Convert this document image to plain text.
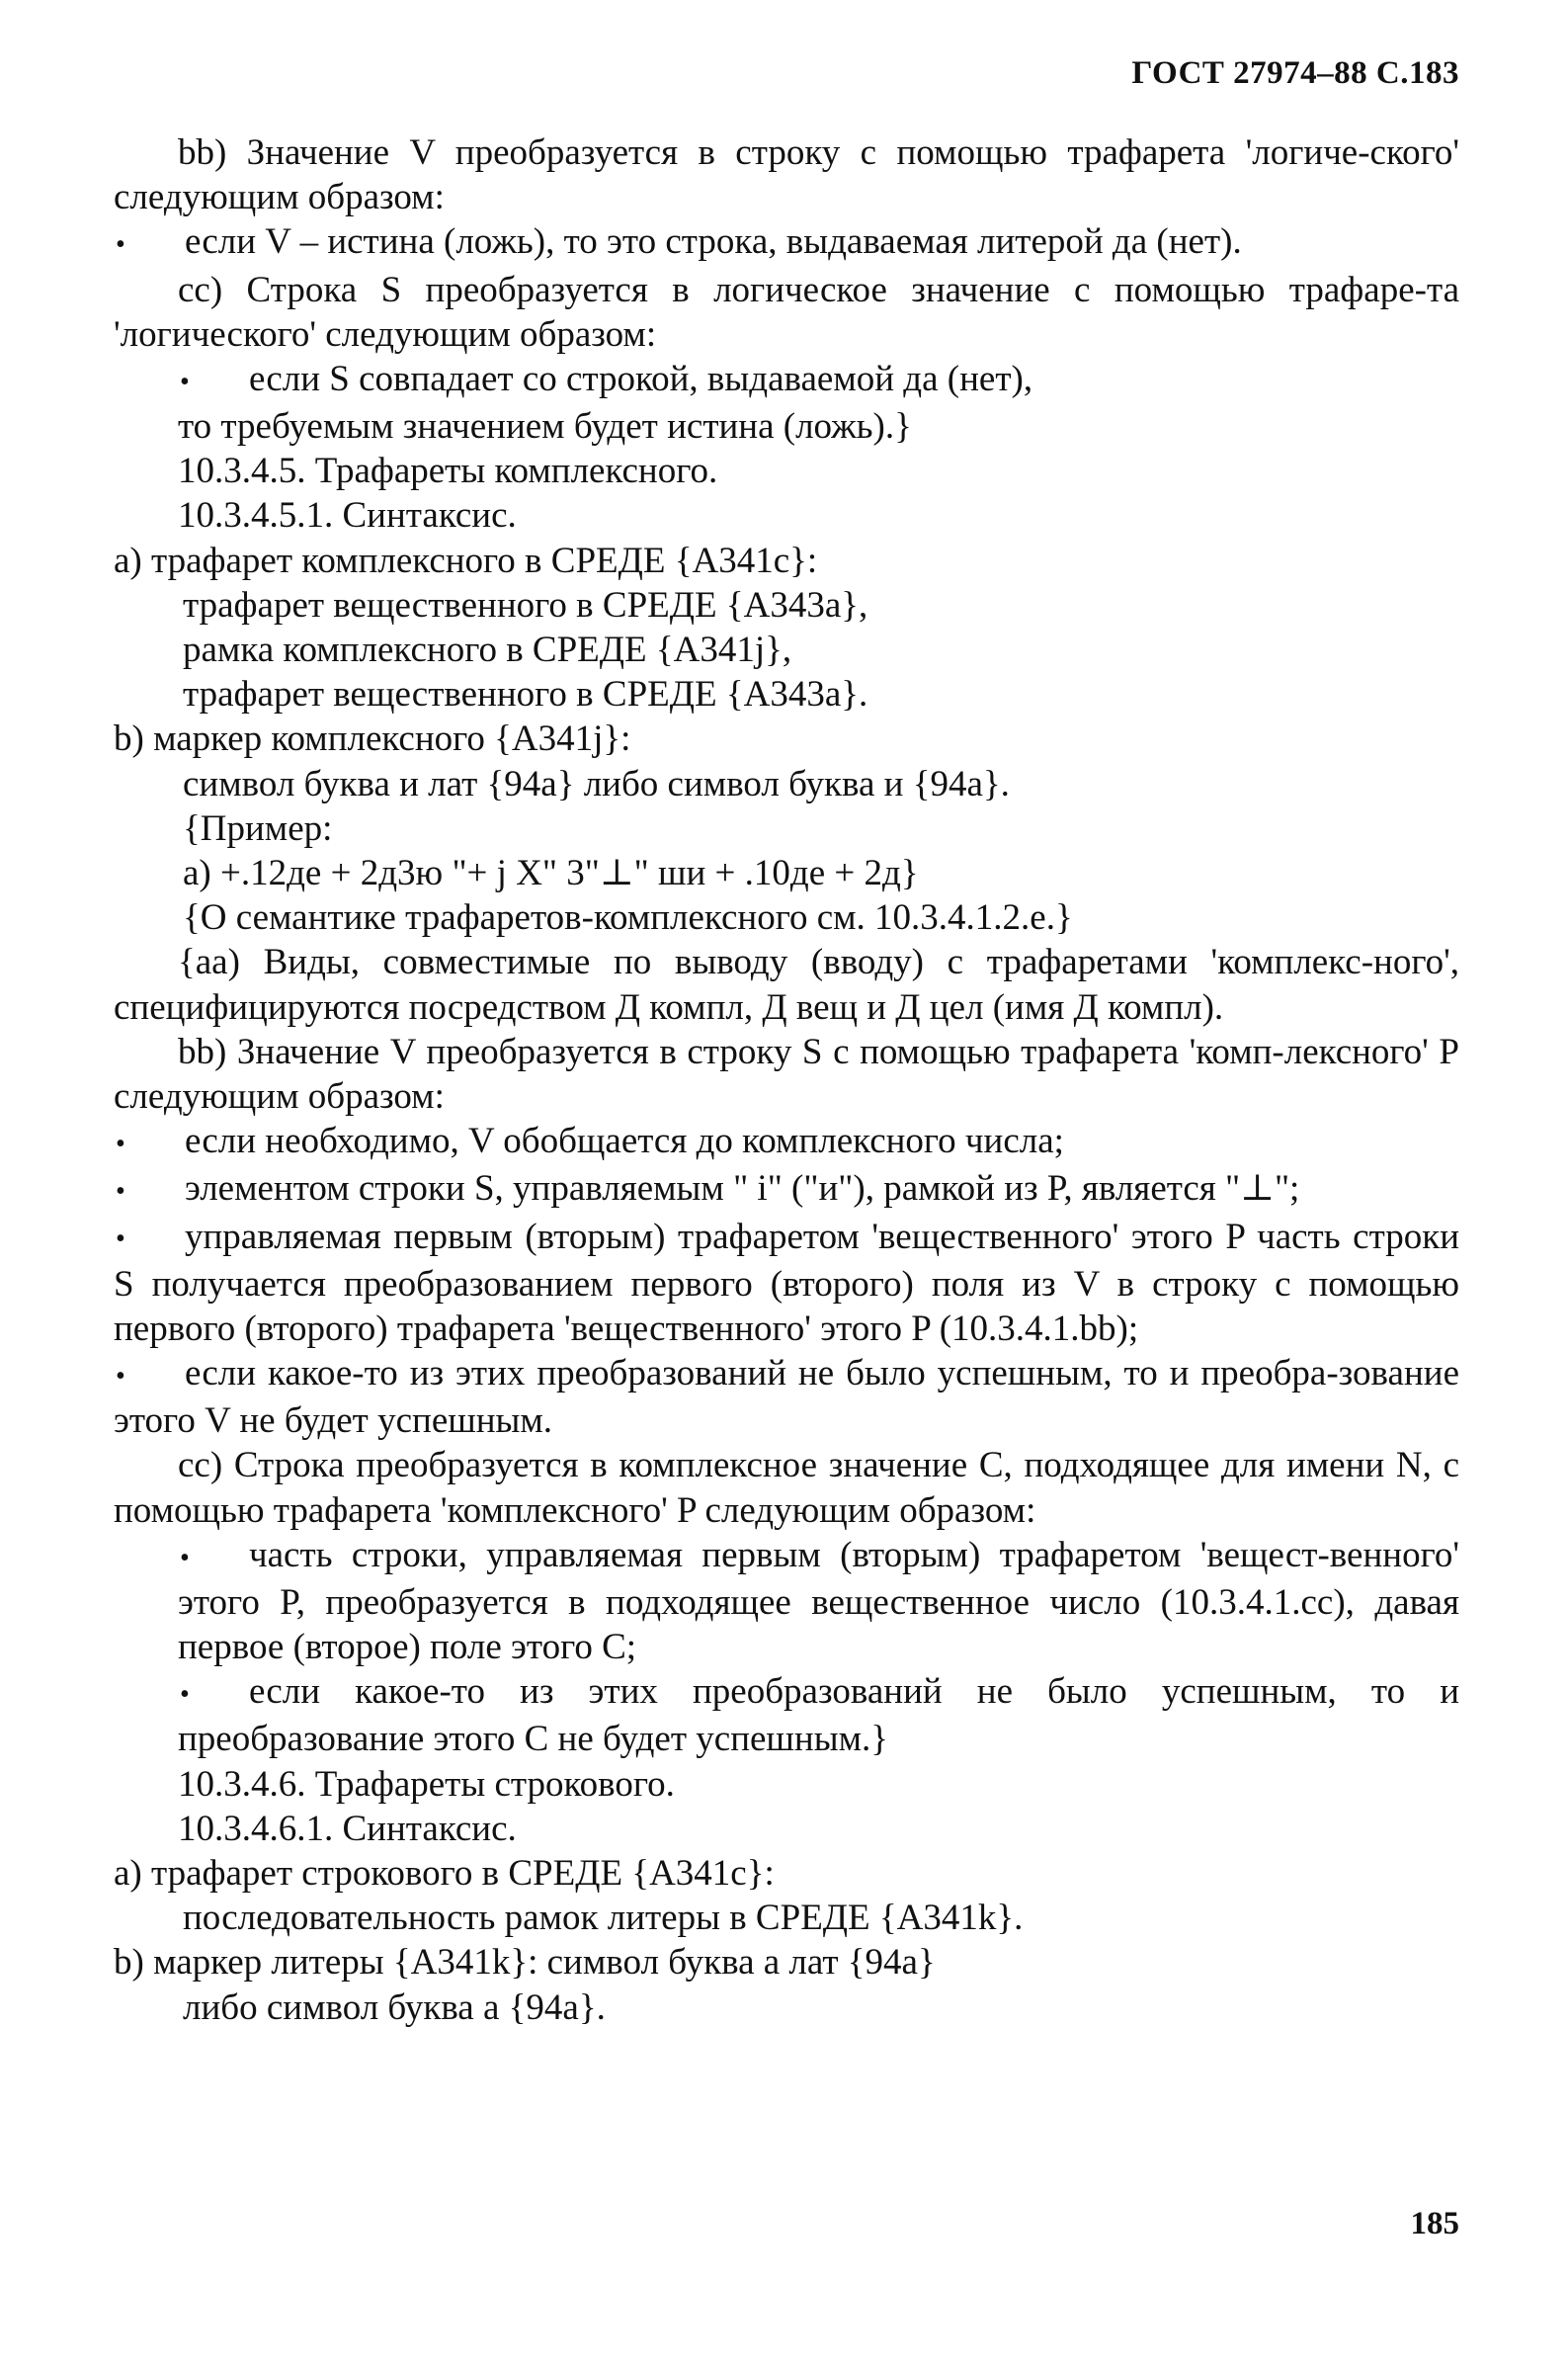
ГОСТ 27974–88 С.183

bb) Значение V преобразуется в строку с помощью трафарета 'логиче-ского' следующим образом:

• если V – истина (ложь), то это строка, выдаваемая литерой да (нет).

cc) Строка S преобразуется в логическое значение с помощью трафаре-та 'логического' следующим образом:

• если S совпадает со строкой, выдаваемой да (нет),

то требуемым значением будет истина (ложь).}

10.3.4.5. Трафареты комплексного.

10.3.4.5.1. Синтаксис.

a) трафарет комплексного в СРЕДЕ {A341c}:

трафарет вещественного в СРЕДЕ {A343a},

рамка комплексного в СРЕДЕ {A341j},

трафарет вещественного в СРЕДЕ {A343a}.

b) маркер комплексного {A341j}:

символ буква и лат {94a} либо символ буква и {94a}.

{Пример:

a) +.12де + 2д3ю "+ j X" 3"⊥" ши + .10де + 2д}

{О семантике трафаретов-комплексного см. 10.3.4.1.2.е.}

{aa) Виды, совместимые по выводу (вводу) с трафаретами 'комплекс-ного', специфицируются посредством Д компл, Д вещ и Д цел (имя Д компл).

bb) Значение V преобразуется в строку S с помощью трафарета 'комп-лексного' P следующим образом:

• если необходимо, V обобщается до комплексного числа;

• элементом строки S, управляемым " i" ("и"), рамкой из P, является "⊥";

• управляемая первым (вторым) трафаретом 'вещественного' этого P часть строки S получается преобразованием первого (второго) поля из V в строку с помощью первого (второго) трафарета 'вещественного' этого P (10.3.4.1.bb);

• если какое-то из этих преобразований не было успешным, то и преобра-зование этого V не будет успешным.

cc) Строка преобразуется в комплексное значение C, подходящее для имени N, с помощью трафарета 'комплексного' P следующим образом:

• часть строки, управляемая первым (вторым) трафаретом 'вещест-венного' этого P, преобразуется в подходящее вещественное число (10.3.4.1.cc), давая первое (второе) поле этого C;

• если какое-то из этих преобразований не было успешным, то и преобразование этого C не будет успешным.}

10.3.4.6. Трафареты строкового.

10.3.4.6.1. Синтаксис.

a) трафарет строкового в СРЕДЕ {A341c}:

последовательность рамок литеры в СРЕДЕ {A341k}.

b) маркер литеры {A341k}: символ буква а лат {94a}

либо символ буква а {94a}.

185
